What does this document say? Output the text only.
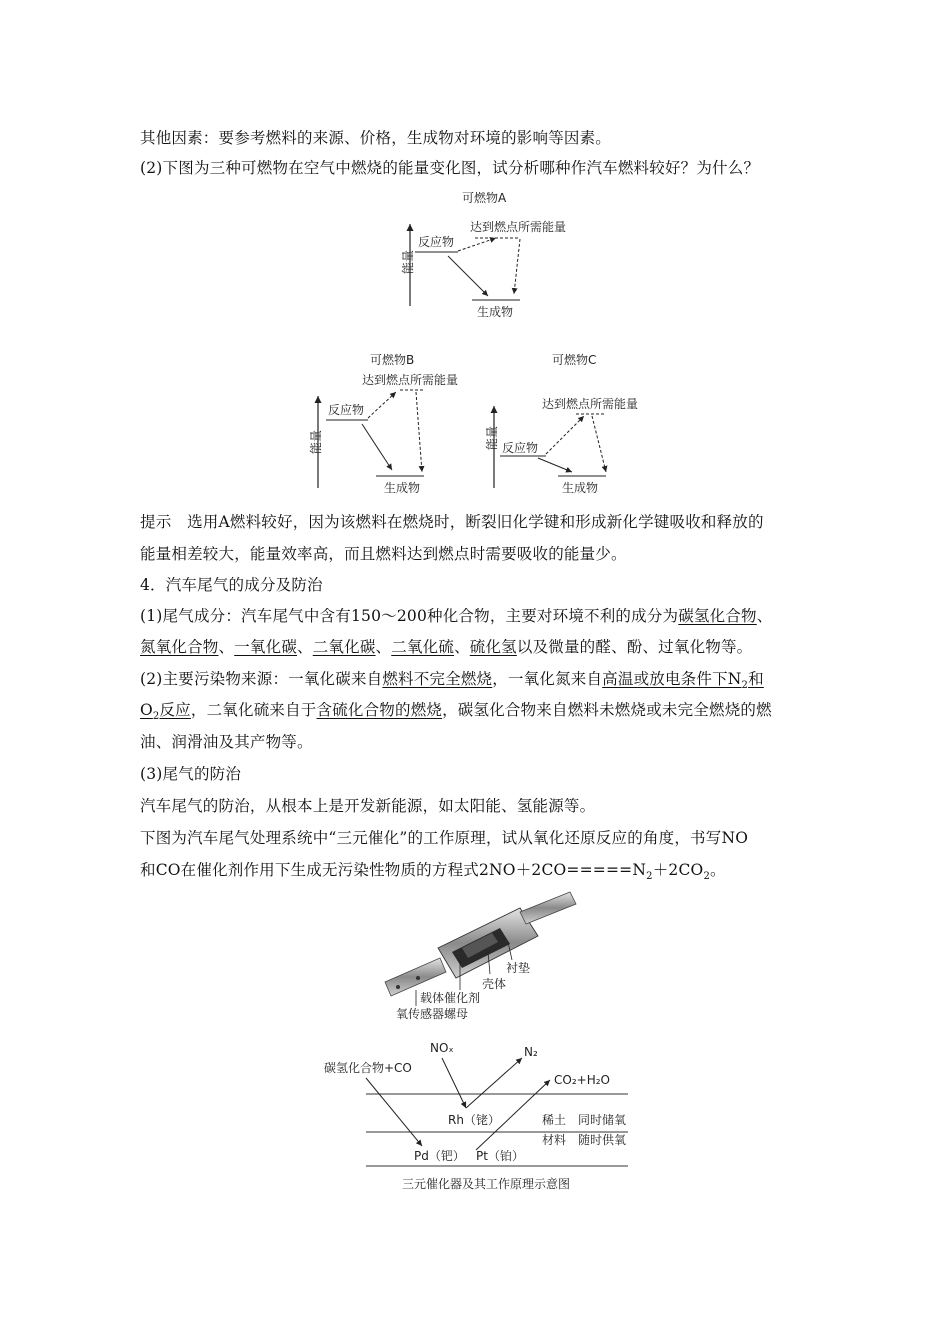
其他因素：要参考燃料的来源、价格，生成物对环境的影响等因素。
(2)下图为三种可燃物在空气中燃烧的能量变化图，试分析哪种作汽车燃料较好？为什么？
可燃物A
能量
达到燃点所需能量
反应物
生成物
可燃物B
能量
达到燃点所需能量
反应物
生成物
可燃物C
能量
达到燃点所需能量
反应物
生成物
提示　选用A燃料较好，因为该燃料在燃烧时，断裂旧化学键和形成新化学键吸收和释放的
能量相差较大，能量效率高，而且燃料达到燃点时需要吸收的能量少。
4．汽车尾气的成分及防治
(1)尾气成分：汽车尾气中含有150～200种化合物，主要对环境不利的成分为碳氢化合物、
氮氧化合物、一氧化碳、二氧化碳、二氧化硫、硫化氢以及微量的醛、酚、过氧化物等。
(2)主要污染物来源：一氧化碳来自燃料不完全燃烧，一氧化氮来自高温或放电条件下$N_2$和
$O_2$反应，二氧化硫来自于含硫化合物的燃烧，碳氢化合物来自燃料未燃烧或未完全燃烧的燃
油、润滑油及其产物等。
(3)尾气的防治
汽车尾气的防治，从根本上是开发新能源，如太阳能、氢能源等。
下图为汽车尾气处理系统中“三元催化”的工作原理，试从氧化还原反应的角度，书写NO
和CO在催化剂作用下生成无污染性物质的方程式$2NO+2CO=====N_2+2CO_2$。
衬垫
壳体
载体催化剂
氧传感器螺母
碳氢化合物+CO
NOₓ	N₂
CO₂+H₂O
Rh（铑）
Pd（钯） Pt（铂）
稀土
材料
同时储氧
随时供氧
三元催化器及其工作原理示意图
